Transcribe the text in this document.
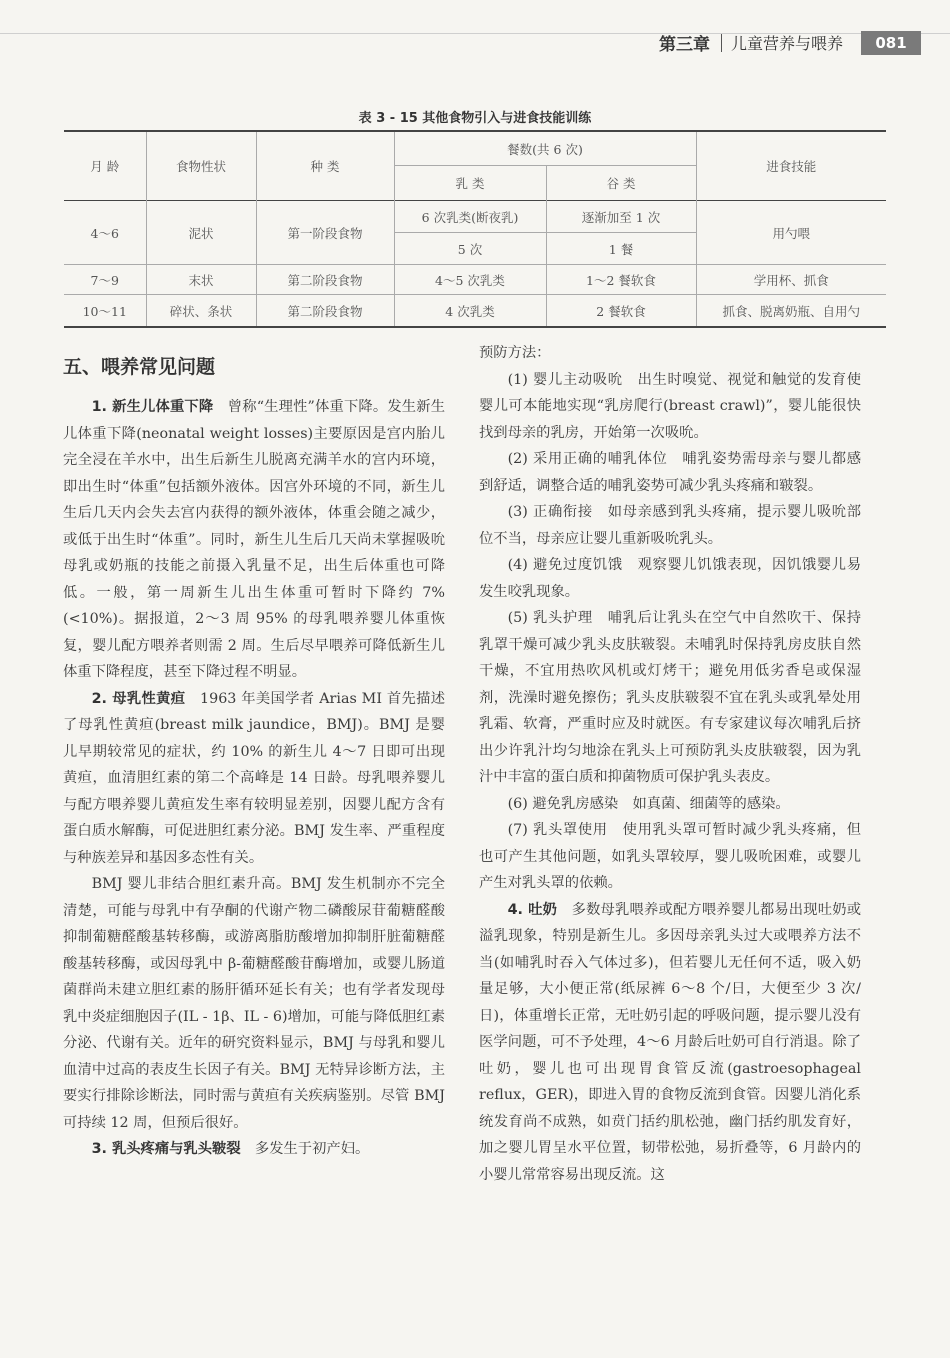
第三章 儿童营养与喂养	081
表 3 - 15 其他食物引入与进食技能训练
月 龄	食物性状	种 类	餐数(共 6 次)		进食技能
			乳 类	谷 类	
4～6	泥状	第一阶段食物	6 次乳类(断夜乳)	逐渐加至 1 次	用勺喂
			5 次	1 餐	
7～9	末状	第二阶段食物	4～5 次乳类	1～2 餐软食	学用杯、抓食
10～11	碎状、条状	第二阶段食物	4 次乳类	2 餐软食	抓食、脱离奶瓶、自用勺
五、喂养常见问题

1. 新生儿体重下降　 曾称“生理性”体重下降。发生新生儿体重下降(neonatal weight losses)主要原因是宫内胎儿完全浸在羊水中，出生后新生儿脱离充满羊水的宫内环境，即出生时“体重”包括额外液体。因宫外环境的不同，新生儿生后几天内会失去宫内获得的额外液体，体重会随之减少，或低于出生时“体重”。同时，新生儿生后几天尚未掌握吸吮母乳或奶瓶的技能之前摄入乳量不足，出生后体重也可降低。一般，第一周新生儿出生体重可暂时下降约 7%(<10%)。据报道，2～3 周 95% 的母乳喂养婴儿体重恢复，婴儿配方喂养者则需 2 周。生后尽早喂养可降低新生儿体重下降程度，甚至下降过程不明显。

2. 母乳性黄疸　 1963 年美国学者 Arias MI 首先描述了母乳性黄疸(breast milk jaundice，BMJ)。BMJ 是婴儿早期较常见的症状，约 10% 的新生儿 4～7 日即可出现黄疸，血清胆红素的第二个高峰是 14 日龄。母乳喂养婴儿与配方喂养婴儿黄疸发生率有较明显差别，因婴儿配方含有蛋白质水解酶，可促进胆红素分泌。BMJ 发生率、严重程度与种族差异和基因多态性有关。

BMJ 婴儿非结合胆红素升高。BMJ 发生机制亦不完全清楚，可能与母乳中有孕酮的代谢产物二磷酸尿苷葡糖醛酸抑制葡糖醛酸基转移酶，或游离脂肪酸增加抑制肝脏葡糖醛酸基转移酶，或因母乳中 β-葡糖醛酸苷酶增加，或婴儿肠道菌群尚未建立胆红素的肠肝循环延长有关；也有学者发现母乳中炎症细胞因子(IL - 1β、IL - 6)增加，可能与降低胆红素分泌、代谢有关。近年的研究资料显示，BMJ 与母乳和婴儿血清中过高的表皮生长因子有关。BMJ 无特异诊断方法，主要实行排除诊断法，同时需与黄疸有关疾病鉴别。尽管 BMJ 可持续 12 周，但预后很好。

3. 乳头疼痛与乳头皲裂　 多发生于初产妇。

预防方法：

(1) 婴儿主动吸吮　 出生时嗅觉、视觉和触觉的发育使婴儿可本能地实现“乳房爬行(breast crawl)”，婴儿能很快找到母亲的乳房，开始第一次吸吮。

(2) 采用正确的哺乳体位　 哺乳姿势需母亲与婴儿都感到舒适，调整合适的哺乳姿势可减少乳头疼痛和皲裂。

(3) 正确衔接　 如母亲感到乳头疼痛，提示婴儿吸吮部位不当，母亲应让婴儿重新吸吮乳头。

(4) 避免过度饥饿　 观察婴儿饥饿表现，因饥饿婴儿易发生咬乳现象。

(5) 乳头护理　 哺乳后让乳头在空气中自然吹干、保持乳罩干燥可减少乳头皮肤皲裂。未哺乳时保持乳房皮肤自然干燥，不宜用热吹风机或灯烤干；避免用低劣香皂或保湿剂，洗澡时避免擦伤；乳头皮肤皲裂不宜在乳头或乳晕处用乳霜、软膏，严重时应及时就医。有专家建议每次哺乳后挤出少许乳汁均匀地涂在乳头上可预防乳头皮肤皲裂，因为乳汁中丰富的蛋白质和抑菌物质可保护乳头表皮。

(6) 避免乳房感染　 如真菌、细菌等的感染。

(7) 乳头罩使用　 使用乳头罩可暂时减少乳头疼痛，但也可产生其他问题，如乳头罩较厚，婴儿吸吮困难，或婴儿产生对乳头罩的依赖。

4. 吐奶　 多数母乳喂养或配方喂养婴儿都易出现吐奶或溢乳现象，特别是新生儿。多因母亲乳头过大或喂养方法不当(如哺乳时吞入气体过多)，但若婴儿无任何不适，吸入奶量足够，大小便正常(纸尿裤 6～8 个/日，大便至少 3 次/日)，体重增长正常，无吐奶引起的呼吸问题，提示婴儿没有医学问题，可不予处理，4～6 月龄后吐奶可自行消退。除了吐奶，婴儿也可出现胃食管反流(gastroesophageal reflux，GER)，即进入胃的食物反流到食管。因婴儿消化系统发育尚不成熟，如贲门括约肌松弛，幽门括约肌发育好，加之婴儿胃呈水平位置，韧带松弛，易折叠等，6 月龄内的小婴儿常常容易出现反流。这
